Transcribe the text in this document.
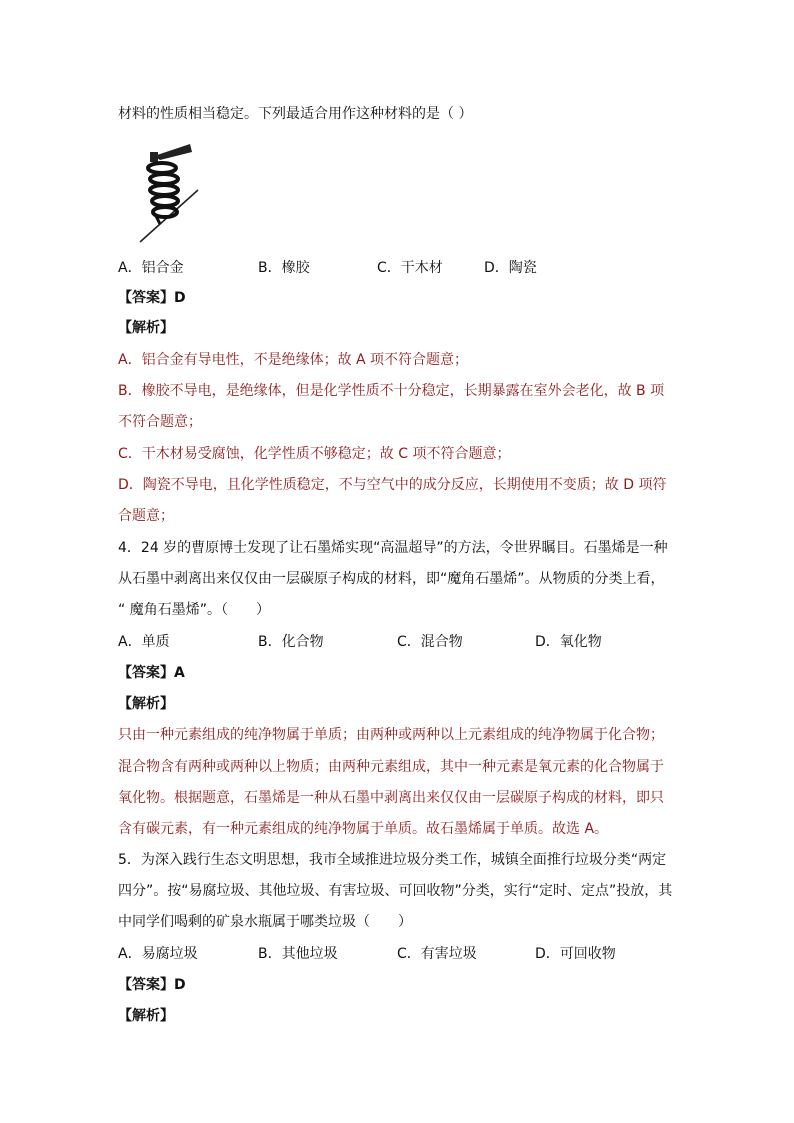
材料的性质相当稳定。下列最适合用作这种材料的是（ ）
A．铝合金	B．橡胶	C．干木材	D．陶瓷
【答案】D
【解析】
A．铝合金有导电性，不是绝缘体；故 A 项不符合题意；
B．橡胶不导电，是绝缘体，但是化学性质不十分稳定，长期暴露在室外会老化，故 B 项
不符合题意；
C．干木材易受腐蚀，化学性质不够稳定；故 C 项不符合题意；
D．陶瓷不导电，且化学性质稳定，不与空气中的成分反应，长期使用不变质；故 D 项符
合题意；
4．24 岁的曹原博士发现了让石墨烯实现“高温超导”的方法，令世界瞩目。石墨烯是一种
从石墨中剥离出来仅仅由一层碳原子构成的材料，即“魔角石墨烯”。从物质的分类上看，
“ 魔角石墨烯”。（　　）
A．单质	B．化合物	C．混合物	D．氧化物
【答案】A
【解析】
只由一种元素组成的纯净物属于单质；由两种或两种以上元素组成的纯净物属于化合物；
混合物含有两种或两种以上物质；由两种元素组成，其中一种元素是氧元素的化合物属于
氧化物。根据题意，石墨烯是一种从石墨中剥离出来仅仅由一层碳原子构成的材料，即只
含有碳元素，有一种元素组成的纯净物属于单质。故石墨烯属于单质。故选 A。
5．为深入践行生态文明思想，我市全域推进垃圾分类工作，城镇全面推行垃圾分类“两定
四分”。按“易腐垃圾、其他垃圾、有害垃圾、可回收物”分类，实行“定时、定点”投放，其
中同学们喝剩的矿泉水瓶属于哪类垃圾（　　）
A．易腐垃圾	B．其他垃圾	C．有害垃圾	D．可回收物
【答案】D
【解析】
